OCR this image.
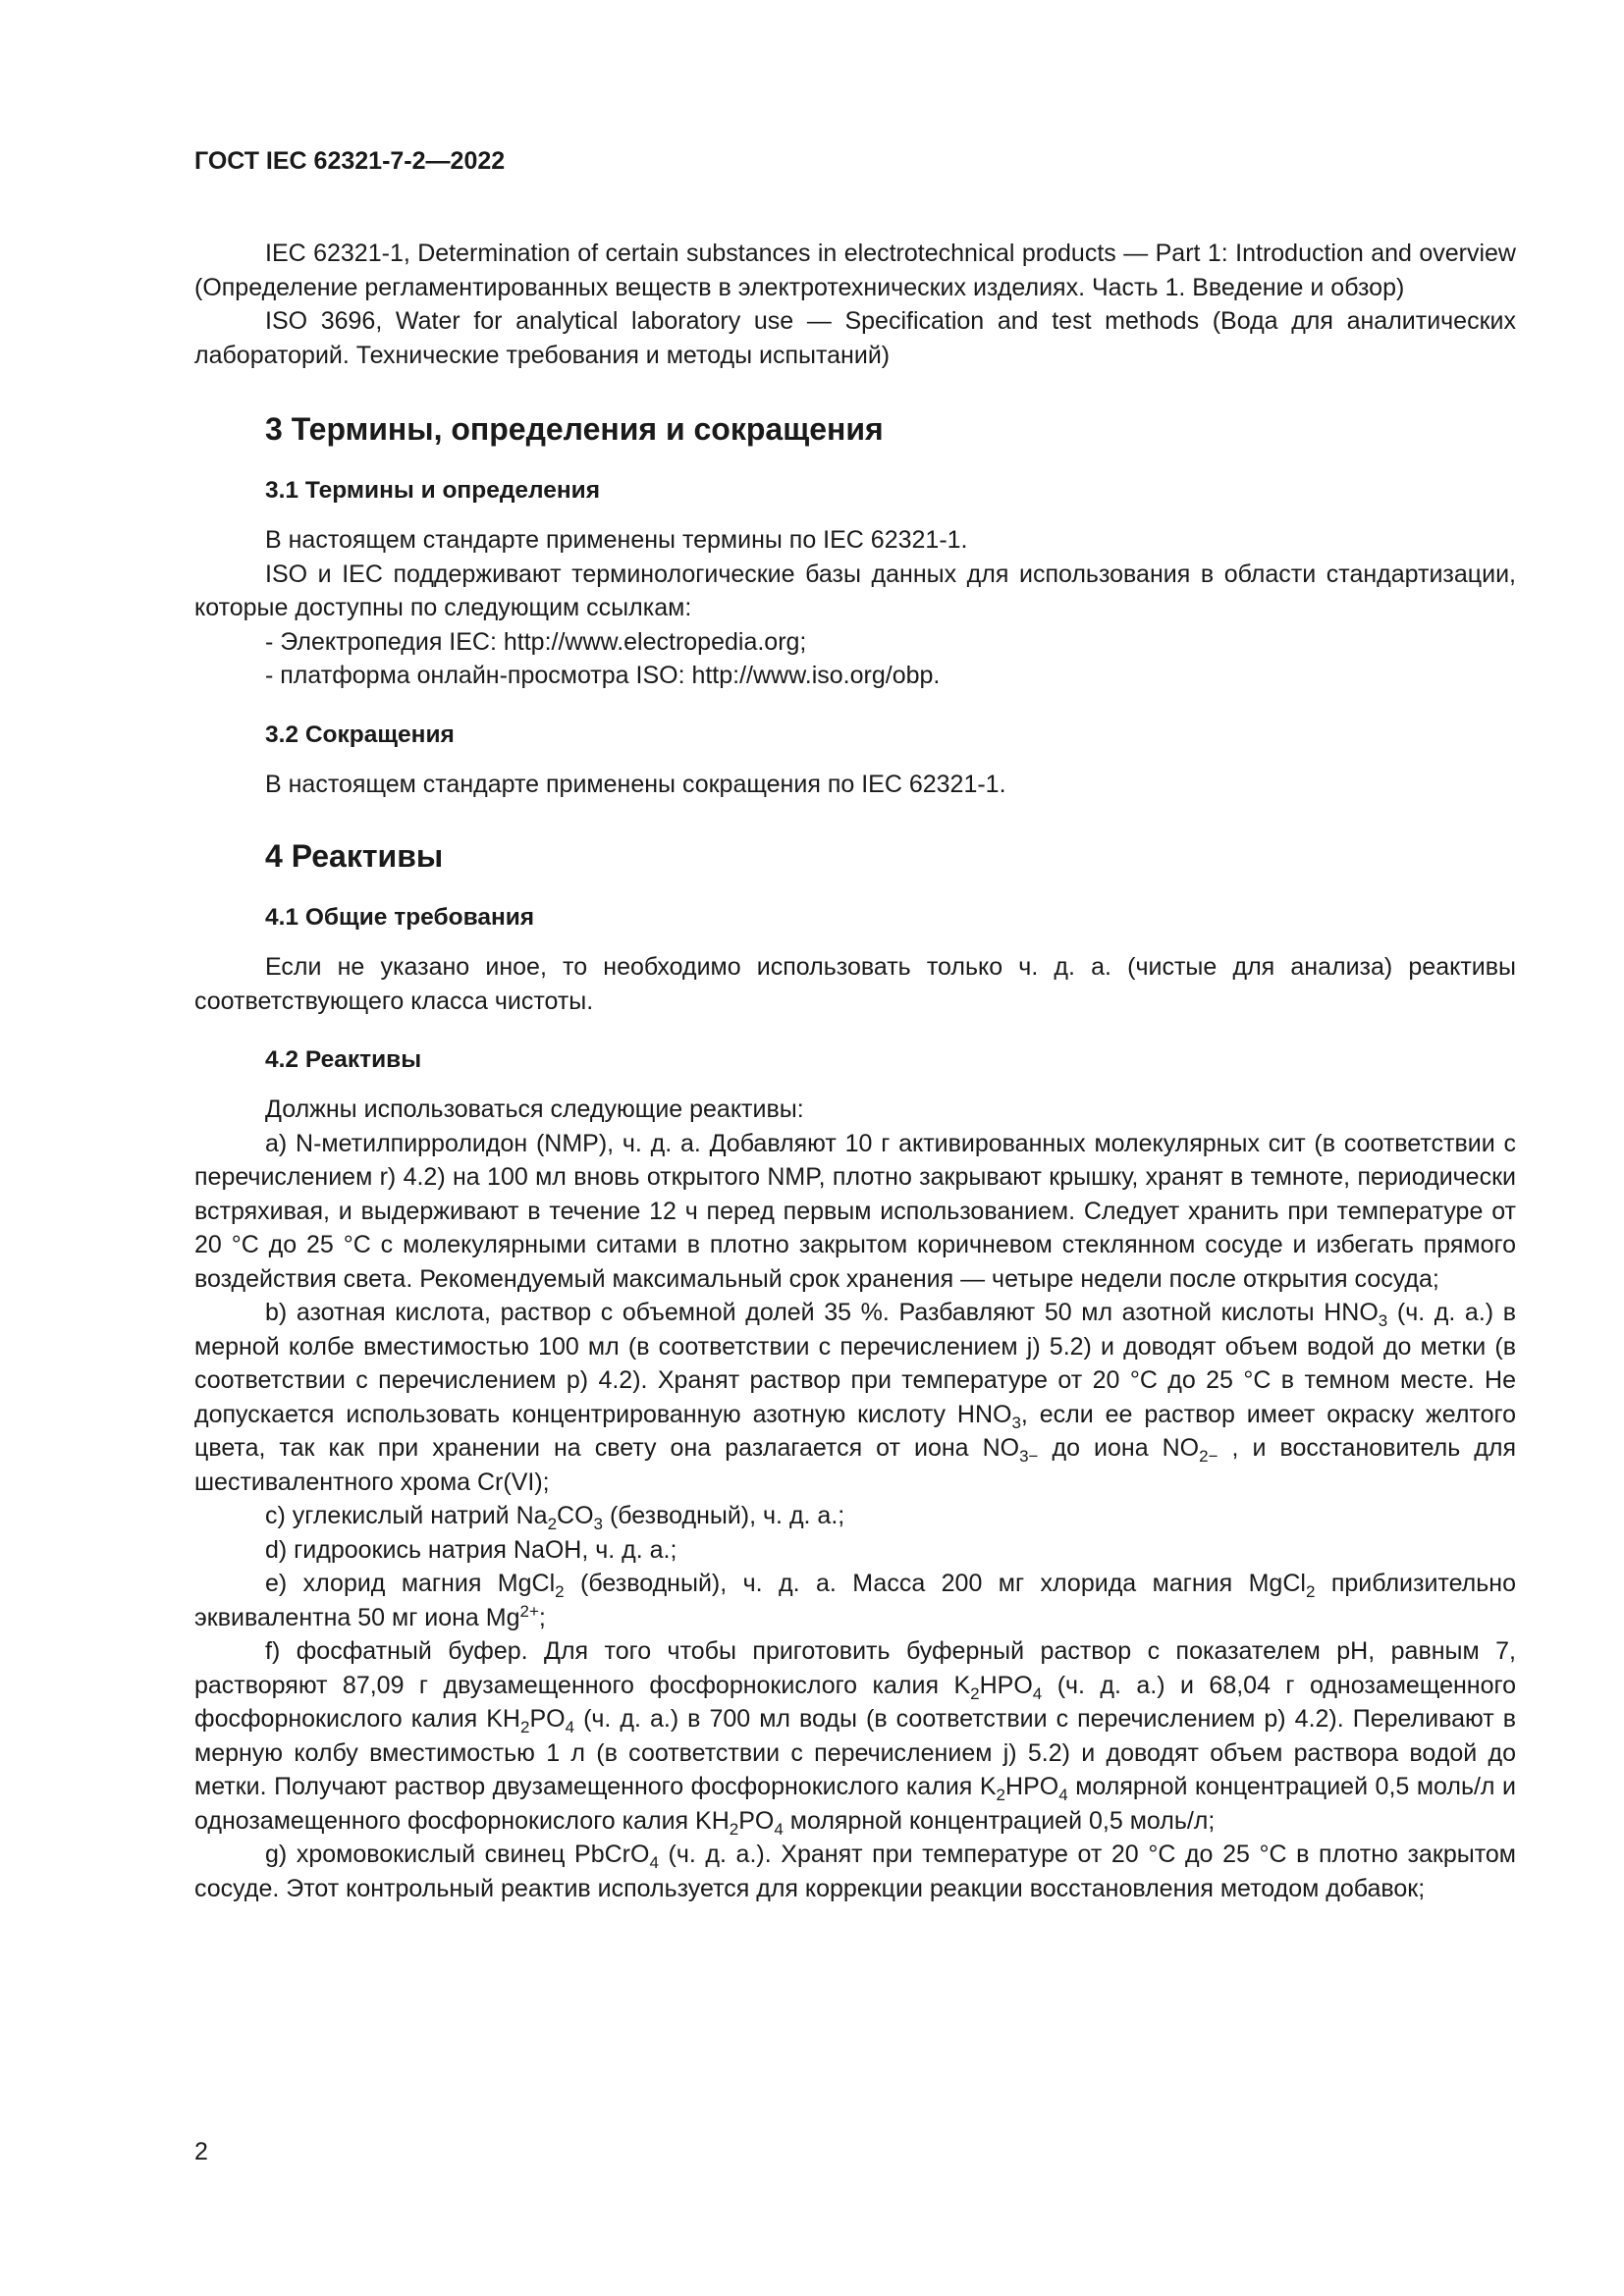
ГОСТ IEC 62321-7-2—2022

IEC 62321-1, Determination of certain substances in electrotechnical products — Part 1: Introduction and overview (Определение регламентированных веществ в электротехнических изделиях. Часть 1. Введение и обзор)

ISO 3696, Water for analytical laboratory use — Specification and test methods (Вода для аналитических лабораторий. Технические требования и методы испытаний)

3 Термины, определения и сокращения
3.1 Термины и определения

В настоящем стандарте применены термины по IEC 62321-1.

ISO и IEC поддерживают терминологические базы данных для использования в области стандартизации, которые доступны по следующим ссылкам:

- Электропедия IEC: http://www.electropedia.org;

- платформа онлайн-просмотра ISO: http://www.iso.org/obp.

3.2 Сокращения

В настоящем стандарте применены сокращения по IEC 62321-1.

4 Реактивы
4.1 Общие требования

Если не указано иное, то необходимо использовать только ч. д. а. (чистые для анализа) реактивы соответствующего класса чистоты.

4.2 Реактивы

Должны использоваться следующие реактивы:

a) N-метилпирролидон (NMP), ч. д. а. Добавляют 10 г активированных молекулярных сит (в соответствии с перечислением r) 4.2) на 100 мл вновь открытого NMP, плотно закрывают крышку, хранят в темноте, периодически встряхивая, и выдерживают в течение 12 ч перед первым использованием. Следует хранить при температуре от 20 °C до 25 °C с молекулярными ситами в плотно закрытом коричневом стеклянном сосуде и избегать прямого воздействия света. Рекомендуемый максимальный срок хранения — четыре недели после открытия сосуда;

b) азотная кислота, раствор с объемной долей 35 %. Разбавляют 50 мл азотной кислоты $HNO_3$ (ч. д. а.) в мерной колбе вместимостью 100 мл (в соответствии с перечислением j) 5.2) и доводят объем водой до метки (в соответствии с перечислением p) 4.2). Хранят раствор при температуре от 20 °C до 25 °C в темном месте. Не допускается использовать концентрированную азотную кислоту $HNO_3$, если ее раствор имеет окраску желтого цвета, так как при хранении на свету она разлагается от иона $NO_{3-}$ до иона $NO_{2-}$ , и восстановитель для шестивалентного хрома Cr(VI);

c) углекислый натрий $Na_2CO_3$ (безводный), ч. д. а.;

d) гидроокись натрия NaOH, ч. д. а.;

e) хлорид магния MgCl$_2$ (безводный), ч. д. а. Масса 200 мг хлорида магния MgCl$_2$ приблизительно эквивалентна 50 мг иона $Mg^{2+}$;

f) фосфатный буфер. Для того чтобы приготовить буферный раствор с показателем pH, равным 7, растворяют 87,09 г двузамещенного фосфорнокислого калия $K_2HPO_4$ (ч. д. а.) и 68,04 г однозамещенного фосфорнокислого калия $KH_2PO_4$ (ч. д. а.) в 700 мл воды (в соответствии с перечислением p) 4.2). Переливают в мерную колбу вместимостью 1 л (в соответствии с перечислением j) 5.2) и доводят объем раствора водой до метки. Получают раствор двузамещенного фосфорнокислого калия $K_2HPO_4$ молярной концентрацией 0,5 моль/л и однозамещенного фосфорнокислого калия $KH_2PO_4$ молярной концентрацией 0,5 моль/л;

g) хромовокислый свинец PbCrO$_4$ (ч. д. а.). Хранят при температуре от 20 °C до 25 °C в плотно закрытом сосуде. Этот контрольный реактив используется для коррекции реакции восстановления методом добавок;

2
